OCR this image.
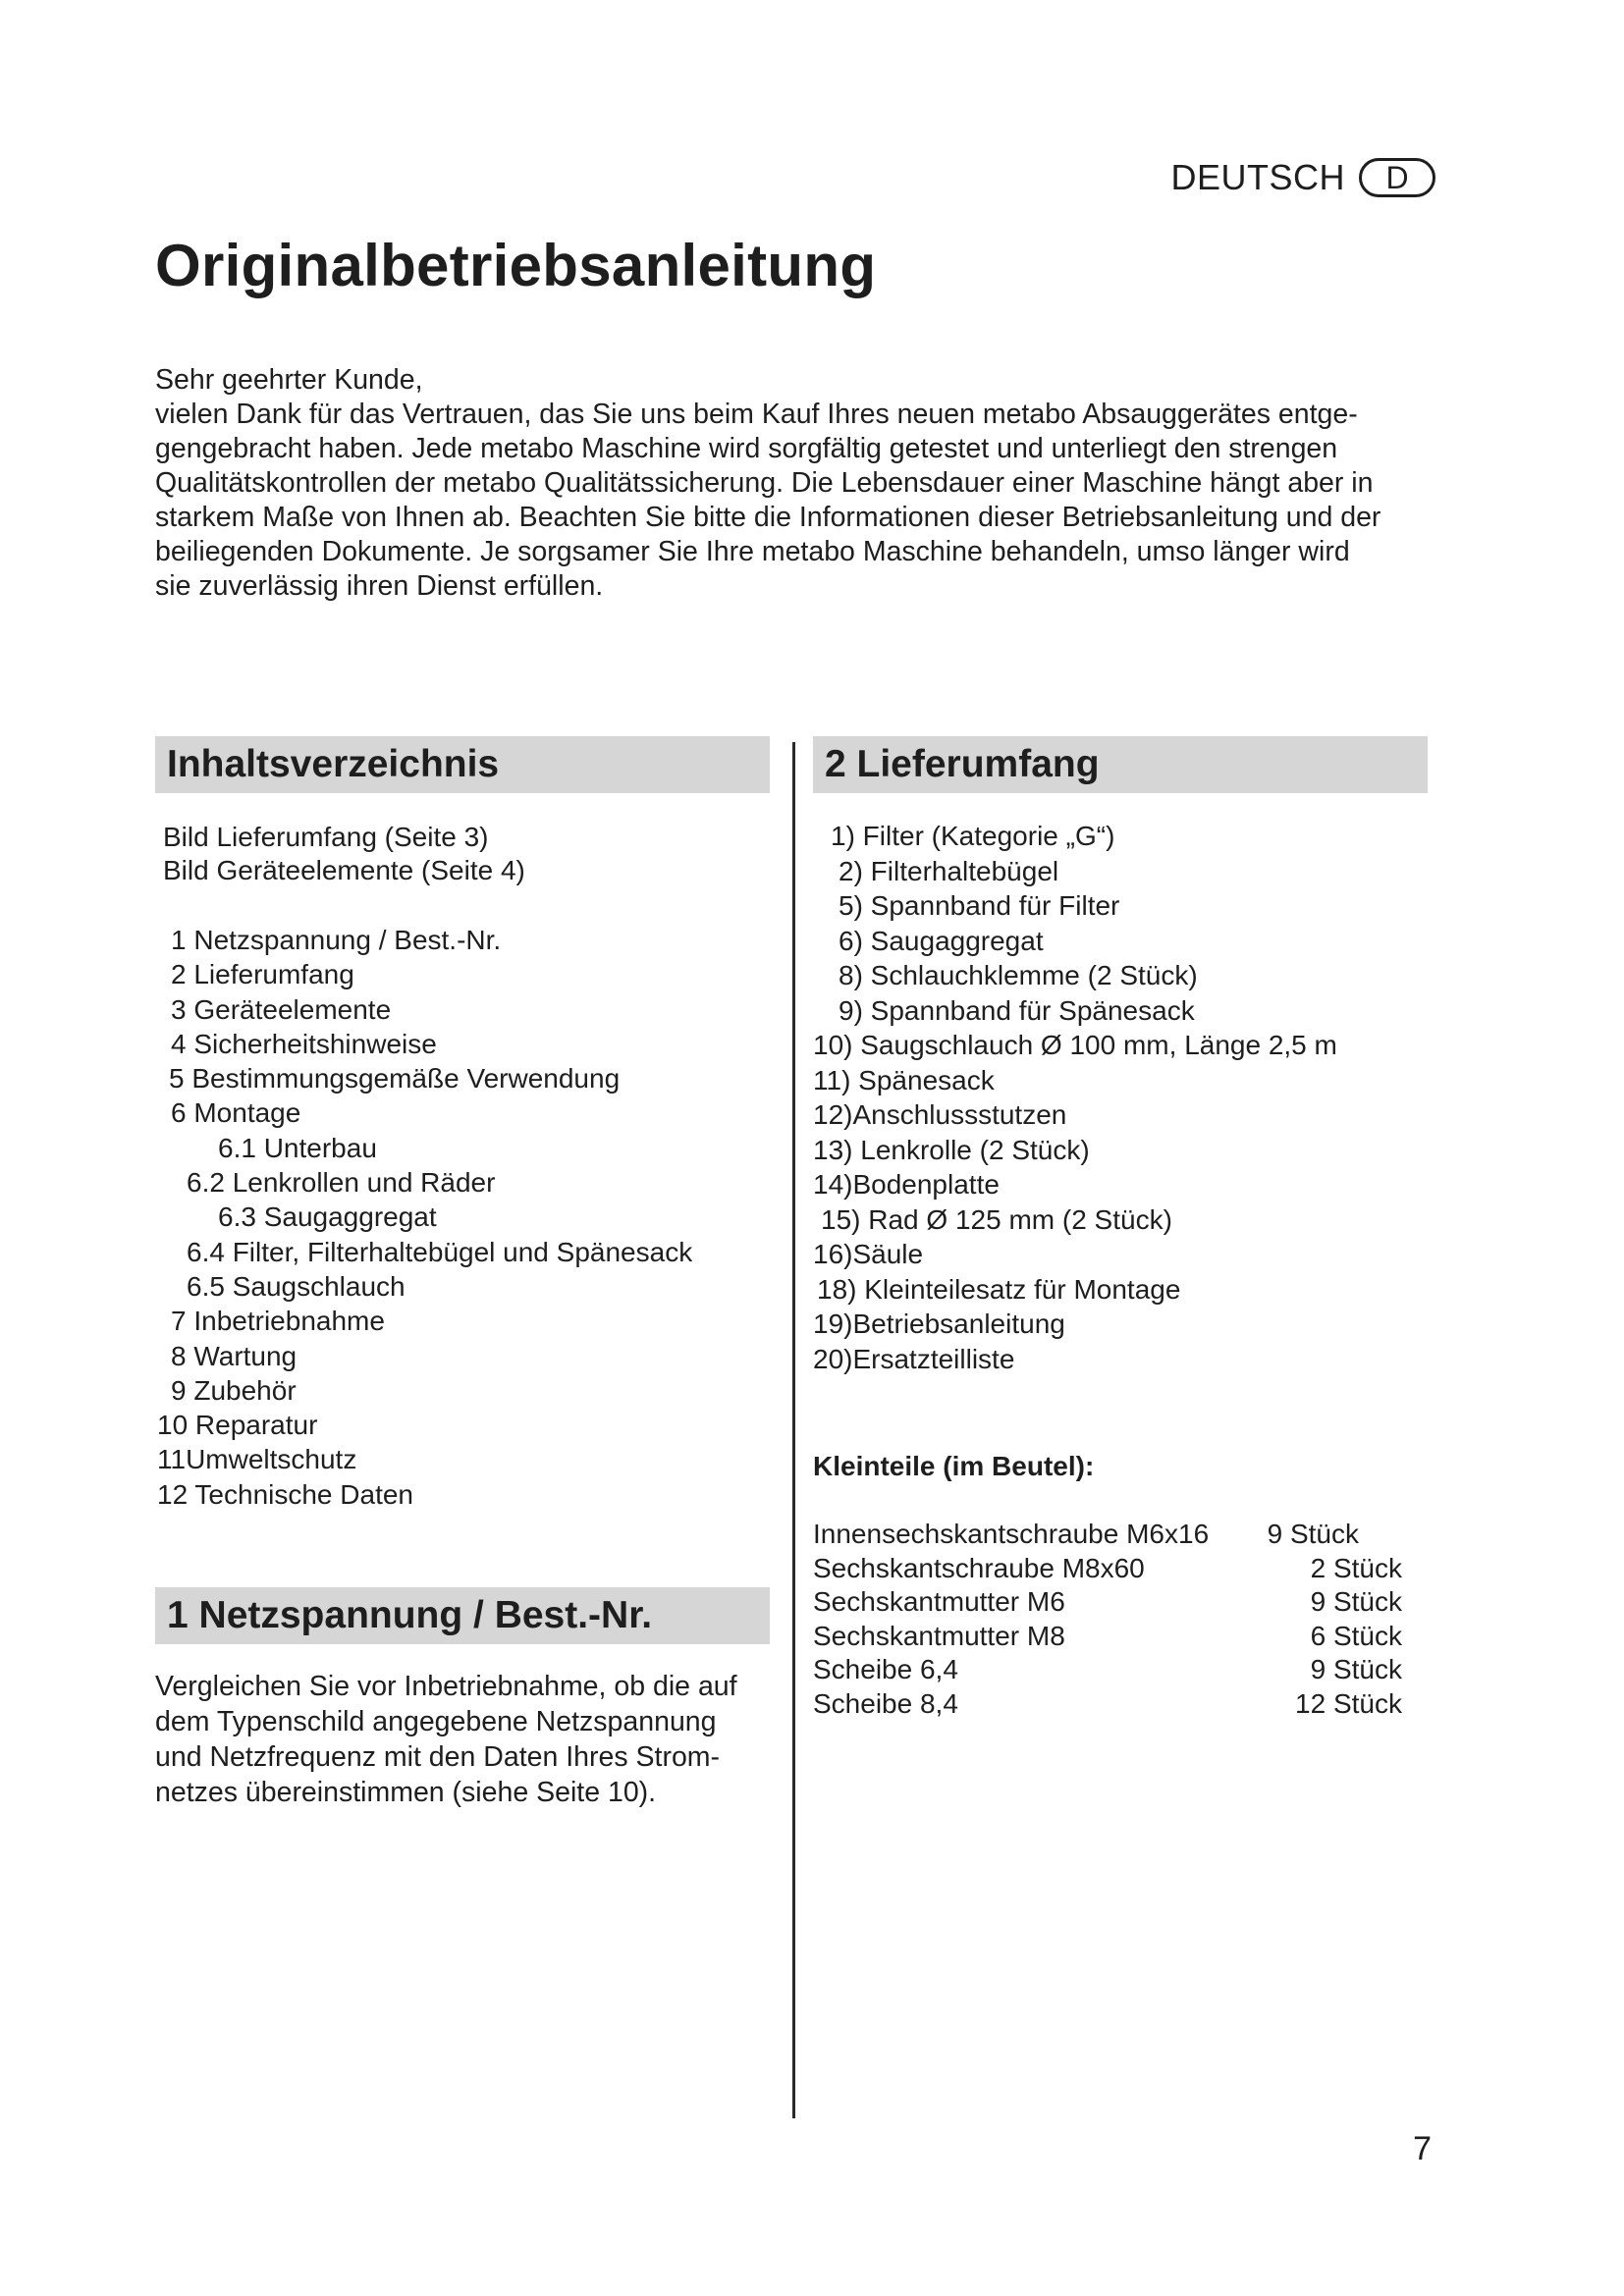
DEUTSCH	D
Originalbetriebsanleitung

Sehr geehrter Kunde,

vielen Dank für das Vertrauen, das Sie uns beim Kauf Ihres neuen metabo Absauggerätes entge-

gengebracht haben. Jede metabo Maschine wird sorgfältig getestet und unterliegt den strengen

Qualitätskontrollen der metabo Qualitätssicherung. Die Lebensdauer einer Maschine hängt aber in

starkem Maße von Ihnen ab. Beachten Sie bitte die Informationen dieser Betriebsanleitung und der

beiliegenden Dokumente. Je sorgsamer Sie Ihre metabo Maschine behandeln, umso länger wird

sie zuverlässig ihren Dienst erfüllen.

Inhaltsverzeichnis
Bild Lieferumfang (Seite 3)
Bild Geräteelemente (Seite 4)
1 Netzspannung / Best.-Nr.
2 Lieferumfang
3 Geräteelemente
4 Sicherheitshinweise
5 Bestimmungsgemäße Verwendung
6 Montage
6.1 Unterbau
6.2 Lenkrollen und Räder
6.3 Saugaggregat
6.4 Filter, Filterhaltebügel und Spänesack
6.5 Saugschlauch
7 Inbetriebnahme
8 Wartung
9 Zubehör
10 Reparatur
11Umweltschutz
12 Technische Daten
1 Netzspannung / Best.-Nr.

Vergleichen Sie vor Inbetriebnahme, ob die auf

dem Typenschild angegebene Netzspannung

und Netzfrequenz mit den Daten Ihres Strom-

netzes übereinstimmen (siehe Seite 10).

2 Lieferumfang
1) Filter (Kategorie „G“)
2) Filterhaltebügel
5) Spannband für Filter
6) Saugaggregat
8) Schlauchklemme (2 Stück)
9) Spannband für Spänesack
10) Saugschlauch Ø 100 mm, Länge 2,5 m
11) Spänesack
12)Anschlussstutzen
13) Lenkrolle (2 Stück)
14)Bodenplatte
15) Rad Ø 125 mm (2 Stück)
16)Säule
18) Kleinteilesatz für Montage
19)Betriebsanleitung
20)Ersatzteilliste
Kleinteile (im Beutel):
Innensechskantschraube M6x16 9 Stück
Sechskantschraube M8x60	2 Stück
Sechskantmutter M6	9 Stück
Sechskantmutter M8	6 Stück
Scheibe 6,4	9 Stück
Scheibe 8,4	12 Stück
7
